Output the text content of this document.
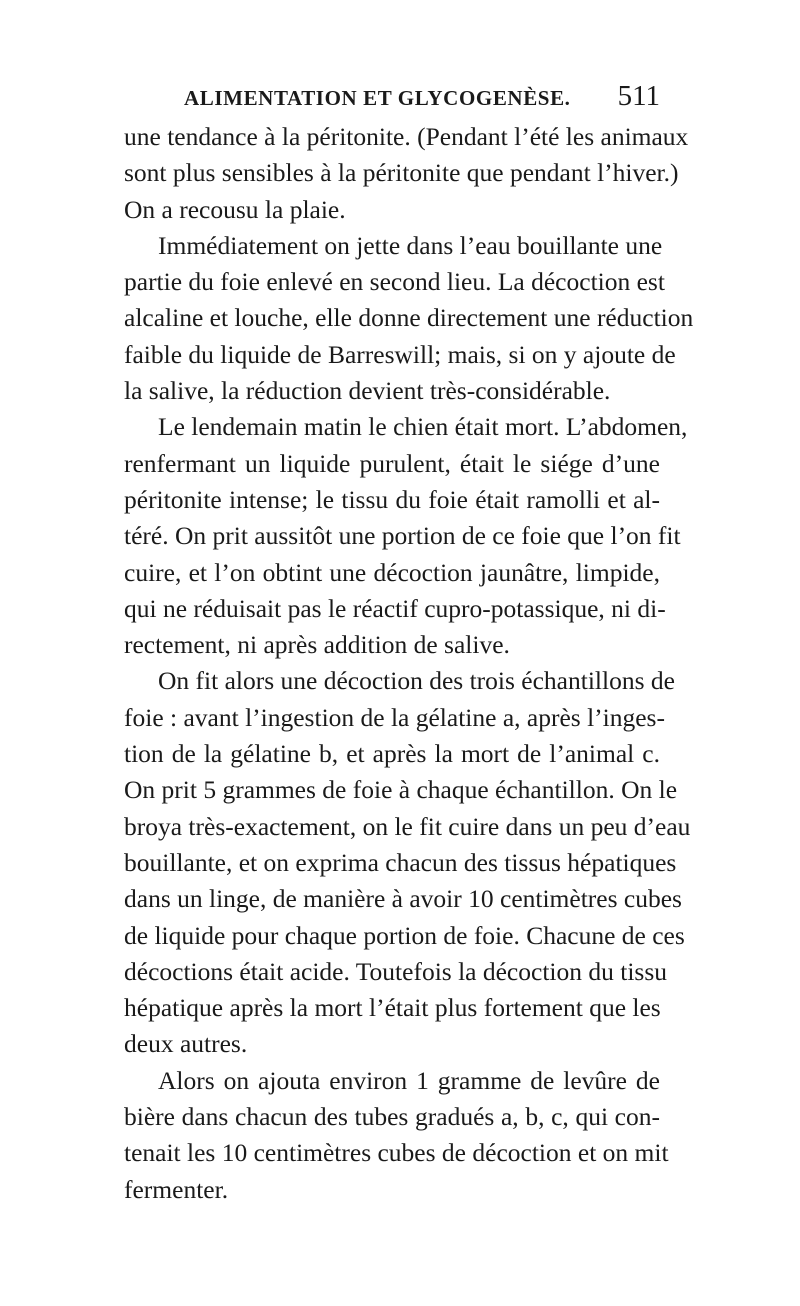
ALIMENTATION ET GLYCOGENÈSE. 511
une tendance à la péritonite. (Pendant l’été les animaux
sont plus sensibles à la péritonite que pendant l’hiver.)
On a recousu la plaie.
Immédiatement on jette dans l’eau bouillante une
partie du foie enlevé en second lieu. La décoction est
alcaline et louche, elle donne directement une réduction
faible du liquide de Barreswill; mais, si on y ajoute de
la salive, la réduction devient très-considérable.
Le lendemain matin le chien était mort. L’abdomen,
renfermant un liquide purulent, était le siége d’une
péritonite intense; le tissu du foie était ramolli et al-
téré. On prit aussitôt une portion de ce foie que l’on fit
cuire, et l’on obtint une décoction jaunâtre, limpide,
qui ne réduisait pas le réactif cupro-potassique, ni di-
rectement, ni après addition de salive.
On fit alors une décoction des trois échantillons de
foie : avant l’ingestion de la gélatine a, après l’inges-
tion de la gélatine b, et après la mort de l’animal c.
On prit 5 grammes de foie à chaque échantillon. On le
broya très-exactement, on le fit cuire dans un peu d’eau
bouillante, et on exprima chacun des tissus hépatiques
dans un linge, de manière à avoir 10 centimètres cubes
de liquide pour chaque portion de foie. Chacune de ces
décoctions était acide. Toutefois la décoction du tissu
hépatique après la mort l’était plus fortement que les
deux autres.
Alors on ajouta environ 1 gramme de levûre de
bière dans chacun des tubes gradués a, b, c, qui con-
tenait les 10 centimètres cubes de décoction et on mit
fermenter.
